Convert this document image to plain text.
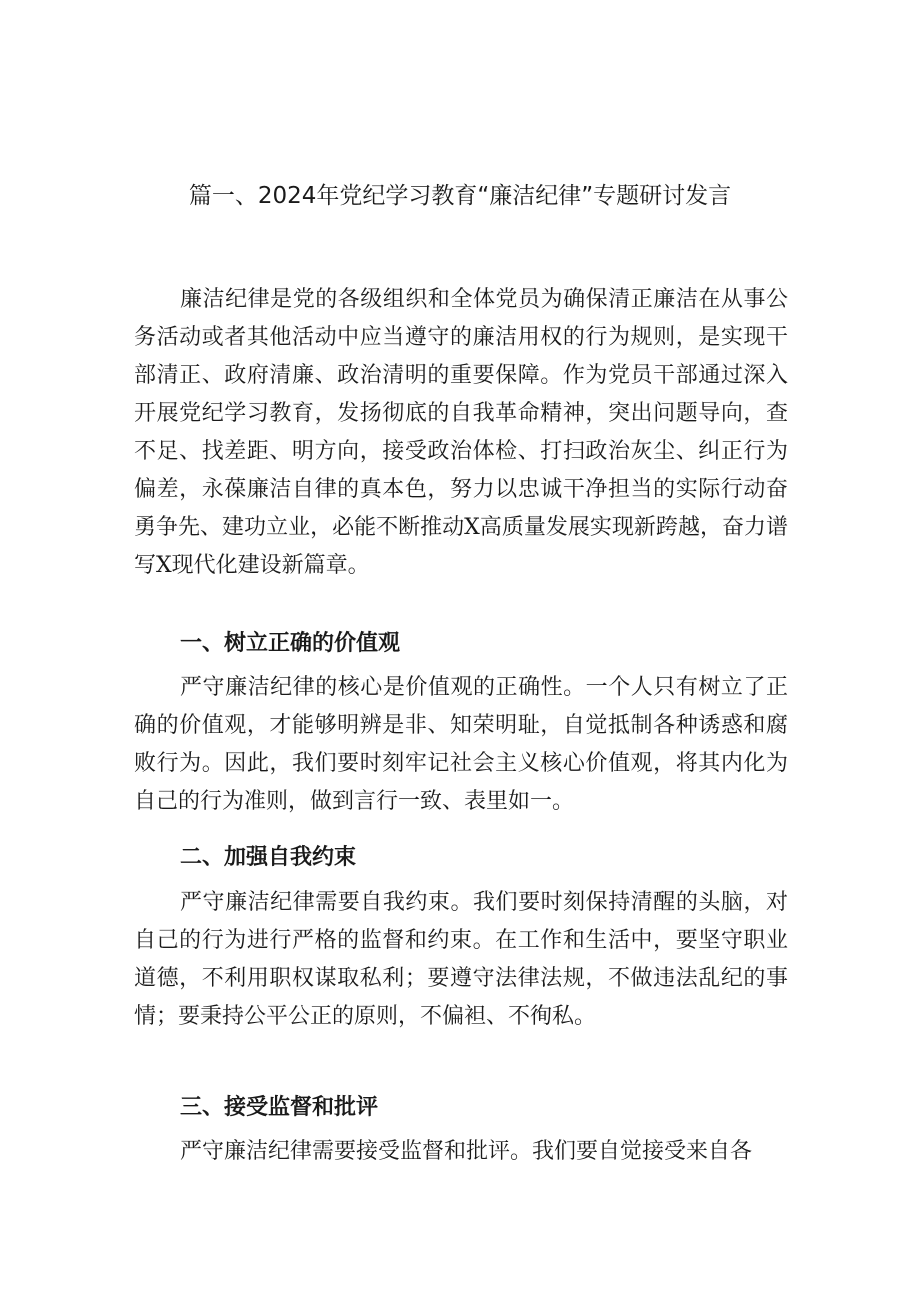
篇一、2024年党纪学习教育“廉洁纪律”专题研讨发言

廉洁纪律是党的各级组织和全体党员为确保清正廉洁在从事公务活动或者其他活动中应当遵守的廉洁用权的行为规则，是实现干部清正、政府清廉、政治清明的重要保障。作为党员干部通过深入开展党纪学习教育，发扬彻底的自我革命精神，突出问题导向，查不足、找差距、明方向，接受政治体检、打扫政治灰尘、纠正行为偏差，永葆廉洁自律的真本色，努力以忠诚干净担当的实际行动奋勇争先、建功立业，必能不断推动X高质量发展实现新跨越，奋力谱写X现代化建设新篇章。

一、树立正确的价值观

严守廉洁纪律的核心是价值观的正确性。一个人只有树立了正确的价值观，才能够明辨是非、知荣明耻，自觉抵制各种诱惑和腐败行为。因此，我们要时刻牢记社会主义核心价值观，将其内化为自己的行为准则，做到言行一致、表里如一。

二、加强自我约束

严守廉洁纪律需要自我约束。我们要时刻保持清醒的头脑，对自己的行为进行严格的监督和约束。在工作和生活中，要坚守职业道德，不利用职权谋取私利；要遵守法律法规，不做违法乱纪的事情；要秉持公平公正的原则，不偏袒、不徇私。

三、接受监督和批评

严守廉洁纪律需要接受监督和批评。我们要自觉接受来自各
